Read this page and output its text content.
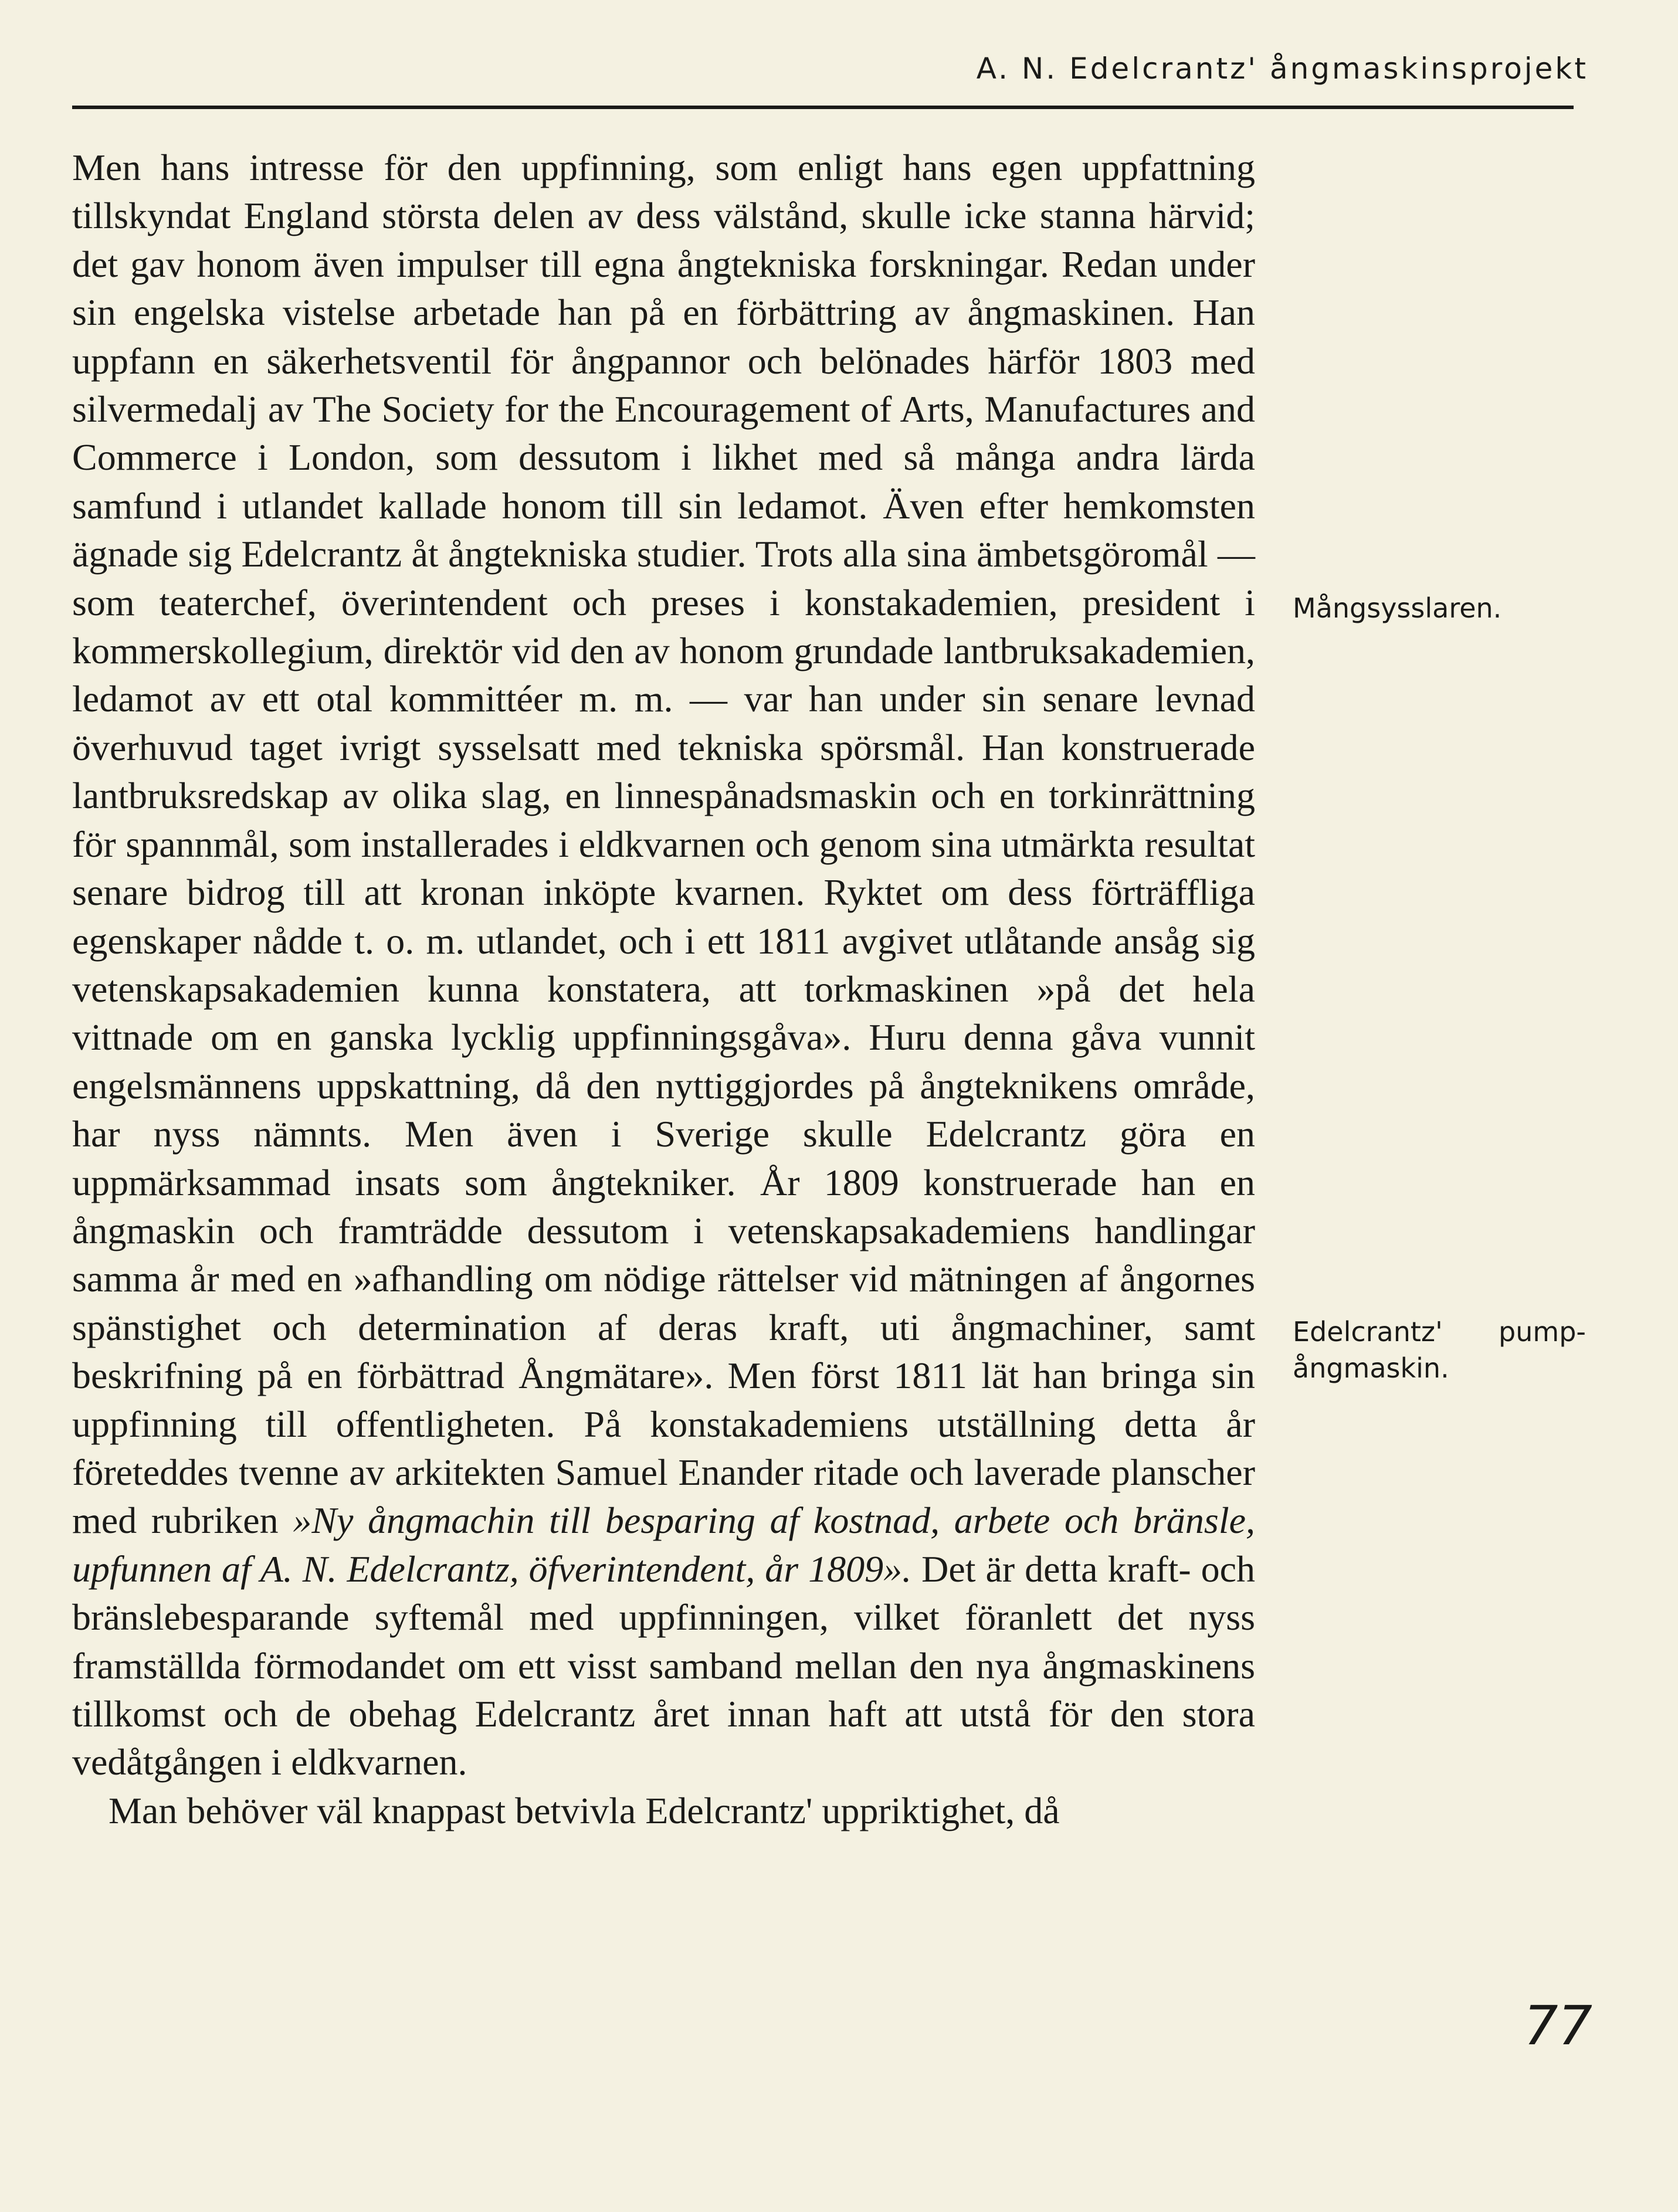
A. N. Edelcrantz' ångmaskinsprojekt

Men hans intresse för den uppfinning, som enligt hans egen uppfattning tillskyndat England största delen av dess välstånd, skulle icke stanna härvid; det gav honom även impulser till egna ångtekniska forskningar. Redan under sin engelska vistelse arbetade han på en förbättring av ångmaskinen. Han uppfann en säkerhetsventil för ångpannor och belönades härför 1803 med silvermedalj av The Society for the Encouragement of Arts, Manufactures and Commerce i London, som dessutom i likhet med så många andra lärda samfund i utlandet kallade honom till sin ledamot. Även efter hemkomsten ägnade sig Edelcrantz åt ångtekniska studier. Trots alla sina ämbetsgöromål — som teaterchef, överintendent och preses i konstakademien, president i kommerskollegium, direktör vid den av honom grundade lantbruksakademien, ledamot av ett otal kommittéer m. m. — var han under sin senare levnad överhuvud taget ivrigt sysselsatt med tekniska spörsmål. Han konstruerade lantbruksredskap av olika slag, en linnespånadsmaskin och en torkinrättning för spannmål, som installerades i eldkvarnen och genom sina utmärkta resultat senare bidrog till att kronan inköpte kvarnen. Ryktet om dess förträffliga egenskaper nådde t. o. m. utlandet, och i ett 1811 avgivet utlåtande ansåg sig vetenskapsakademien kunna konstatera, att torkmaskinen »på det hela vittnade om en ganska lycklig uppfinningsgåva». Huru denna gåva vunnit engelsmännens uppskattning, då den nyttiggjordes på ångteknikens område, har nyss nämnts. Men även i Sverige skulle Edelcrantz göra en uppmärksammad insats som ångtekniker. År 1809 konstruerade han en ångmaskin och framträdde dessutom i vetenskapsakademiens handlingar samma år med en »afhandling om nödige rättelser vid mätningen af ångornes spänstighet och determination af deras kraft, uti ångmachiner, samt beskrifning på en förbättrad Ångmätare». Men först 1811 lät han bringa sin uppfinning till offentligheten. På konstakademiens utställning detta år företeddes tvenne av arkitekten Samuel Enander ritade och laverade planscher med rubriken »Ny ångmachin till besparing af kostnad, arbete och bränsle, upfunnen af A. N. Edelcrantz, öfverintendent, år 1809». Det är detta kraft- och bränslebesparande syftemål med uppfinningen, vilket föranlett det nyss framställda förmodandet om ett visst samband mellan den nya ångmaskinens tillkomst och de obehag Edelcrantz året innan haft att utstå för den stora vedåtgången i eldkvarnen.

Man behöver väl knappast betvivla Edelcrantz' uppriktighet, då

Mångsysslaren.
Edelcrantz' pump-
ångmaskin.
77
